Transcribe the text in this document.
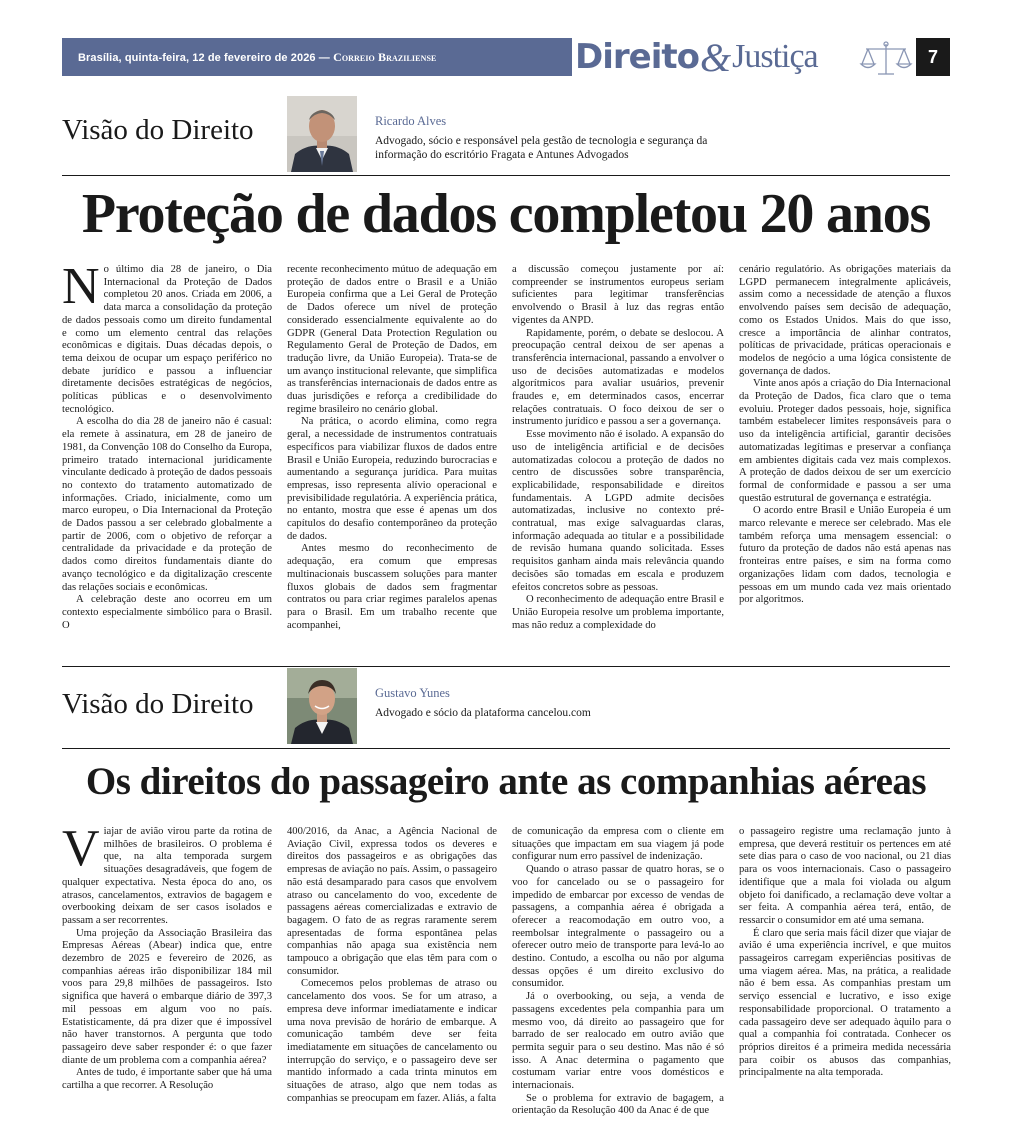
Brasília, quinta-feira, 12 de fevereiro de 2026 — Correio Braziliense	Direito & Justiça	7
Visão do Direito	Ricardo Alves
Advogado, sócio e responsável pela gestão de tecnologia e segurança da informação do escritório Fragata e Antunes Advogados
Proteção de dados completou 20 anos

No último dia 28 de janeiro, o Dia Internacional da Proteção de Dados completou 20 anos. Criada em 2006, a data marca a consolidação da proteção de dados pessoais como um direito fundamental e como um elemento central das relações econômicas e digitais. Duas décadas depois, o tema deixou de ocupar um espaço periférico no debate jurídico e passou a influenciar diretamente decisões estratégicas de negócios, políticas públicas e o desenvolvimento tecnológico.

A escolha do dia 28 de janeiro não é casual: ela remete à assinatura, em 28 de janeiro de 1981, da Convenção 108 do Conselho da Europa, primeiro tratado internacional juridicamente vinculante dedicado à proteção de dados pessoais no contexto do tratamento automatizado de informações. Criado, inicialmente, como um marco europeu, o Dia Internacional da Proteção de Dados passou a ser celebrado globalmente a partir de 2006, com o objetivo de reforçar a centralidade da privacidade e da proteção de dados como direitos fundamentais diante do avanço tecnológico e da digitalização crescente das relações sociais e econômicas.

A celebração deste ano ocorreu em um contexto especialmente simbólico para o Brasil. O

recente reconhecimento mútuo de adequação em proteção de dados entre o Brasil e a União Europeia confirma que a Lei Geral de Proteção de Dados oferece um nível de proteção considerado essencialmente equivalente ao do GDPR (General Data Protection Regulation ou Regulamento Geral de Proteção de Dados, em tradução livre, da União Europeia). Trata-se de um avanço institucional relevante, que simplifica as transferências internacionais de dados entre as duas jurisdições e reforça a credibilidade do regime brasileiro no cenário global.

Na prática, o acordo elimina, como regra geral, a necessidade de instrumentos contratuais específicos para viabilizar fluxos de dados entre Brasil e União Europeia, reduzindo burocracias e aumentando a segurança jurídica. Para muitas empresas, isso representa alívio operacional e previsibilidade regulatória. A experiência prática, no entanto, mostra que esse é apenas um dos capítulos do desafio contemporâneo da proteção de dados.

Antes mesmo do reconhecimento de adequação, era comum que empresas multinacionais buscassem soluções para manter fluxos globais de dados sem fragmentar contratos ou para criar regimes paralelos apenas para o Brasil. Em um trabalho recente que acompanhei,

a discussão começou justamente por aí: compreender se instrumentos europeus seriam suficientes para legitimar transferências envolvendo o Brasil à luz das regras então vigentes da ANPD.

Rapidamente, porém, o debate se deslocou. A preocupação central deixou de ser apenas a transferência internacional, passando a envolver o uso de decisões automatizadas e modelos algorítmicos para avaliar usuários, prevenir fraudes e, em determinados casos, encerrar relações contratuais. O foco deixou de ser o instrumento jurídico e passou a ser a governança.

Esse movimento não é isolado. A expansão do uso de inteligência artificial e de decisões automatizadas colocou a proteção de dados no centro de discussões sobre transparência, explicabilidade, responsabilidade e direitos fundamentais. A LGPD admite decisões automatizadas, inclusive no contexto pré-contratual, mas exige salvaguardas claras, informação adequada ao titular e a possibilidade de revisão humana quando solicitada. Esses requisitos ganham ainda mais relevância quando decisões são tomadas em escala e produzem efeitos concretos sobre as pessoas.

O reconhecimento de adequação entre Brasil e União Europeia resolve um problema importante, mas não reduz a complexidade do

cenário regulatório. As obrigações materiais da LGPD permanecem integralmente aplicáveis, assim como a necessidade de atenção a fluxos envolvendo países sem decisão de adequação, como os Estados Unidos. Mais do que isso, cresce a importância de alinhar contratos, políticas de privacidade, práticas operacionais e modelos de negócio a uma lógica consistente de governança de dados.

Vinte anos após a criação do Dia Internacional da Proteção de Dados, fica claro que o tema evoluiu. Proteger dados pessoais, hoje, significa também estabelecer limites responsáveis para o uso da inteligência artificial, garantir decisões automatizadas legítimas e preservar a confiança em ambientes digitais cada vez mais complexos. A proteção de dados deixou de ser um exercício formal de conformidade e passou a ser uma questão estrutural de governança e estratégia.

O acordo entre Brasil e União Europeia é um marco relevante e merece ser celebrado. Mas ele também reforça uma mensagem essencial: o futuro da proteção de dados não está apenas nas fronteiras entre países, e sim na forma como organizações lidam com dados, tecnologia e pessoas em um mundo cada vez mais orientado por algoritmos.

Visão do Direito	Gustavo Yunes
Advogado e sócio da plataforma cancelou.com
Os direitos do passageiro ante as companhias aéreas

Viajar de avião virou parte da rotina de milhões de brasileiros. O problema é que, na alta temporada surgem situações desagradáveis, que fogem de qualquer expectativa. Nesta época do ano, os atrasos, cancelamentos, extravios de bagagem e overbooking deixam de ser casos isolados e passam a ser recorrentes.

Uma projeção da Associação Brasileira das Empresas Aéreas (Abear) indica que, entre dezembro de 2025 e fevereiro de 2026, as companhias aéreas irão disponibilizar 184 mil voos para 29,8 milhões de passageiros. Isto significa que haverá o embarque diário de 397,3 mil pessoas em algum voo no país. Estatisticamente, dá pra dizer que é impossível não haver transtornos. A pergunta que todo passageiro deve saber responder é: o que fazer diante de um problema com a companhia aérea?

Antes de tudo, é importante saber que há uma cartilha a que recorrer. A Resolução

400/2016, da Anac, a Agência Nacional de Aviação Civil, expressa todos os deveres e direitos dos passageiros e as obrigações das empresas de aviação no país. Assim, o passageiro não está desamparado para casos que envolvem atraso ou cancelamento do voo, excedente de passagens aéreas comercializadas e extravio de bagagem. O fato de as regras raramente serem apresentadas de forma espontânea pelas companhias não apaga sua existência nem tampouco a obrigação que elas têm para com o consumidor.

Comecemos pelos problemas de atraso ou cancelamento dos voos. Se for um atraso, a empresa deve informar imediatamente e indicar uma nova previsão de horário de embarque. A comunicação também deve ser feita imediatamente em situações de cancelamento ou interrupção do serviço, e o passageiro deve ser mantido informado a cada trinta minutos em situações de atraso, algo que nem todas as companhias se preocupam em fazer. Aliás, a falta

de comunicação da empresa com o cliente em situações que impactam em sua viagem já pode configurar num erro passível de indenização.

Quando o atraso passar de quatro horas, se o voo for cancelado ou se o passageiro for impedido de embarcar por excesso de vendas de passagens, a companhia aérea é obrigada a oferecer a reacomodação em outro voo, a reembolsar integralmente o passageiro ou a oferecer outro meio de transporte para levá-lo ao destino. Contudo, a escolha ou não por alguma dessas opções é um direito exclusivo do consumidor.

Já o overbooking, ou seja, a venda de passagens excedentes pela companhia para um mesmo voo, dá direito ao passageiro que for barrado de ser realocado em outro avião que permita seguir para o seu destino. Mas não é só isso. A Anac determina o pagamento que costumam variar entre voos domésticos e internacionais.

Se o problema for extravio de bagagem, a orientação da Resolução 400 da Anac é de que

o passageiro registre uma reclamação junto à empresa, que deverá restituir os pertences em até sete dias para o caso de voo nacional, ou 21 dias para os voos internacionais. Caso o passageiro identifique que a mala foi violada ou algum objeto foi danificado, a reclamação deve voltar a ser feita. A companhia aérea terá, então, de ressarcir o consumidor em até uma semana.

É claro que seria mais fácil dizer que viajar de avião é uma experiência incrível, e que muitos passageiros carregam experiências positivas de uma viagem aérea. Mas, na prática, a realidade não é bem essa. As companhias prestam um serviço essencial e lucrativo, e isso exige responsabilidade proporcional. O tratamento a cada passageiro deve ser adequado àquilo para o qual a companhia foi contratada. Conhecer os próprios direitos é a primeira medida necessária para coibir os abusos das companhias, principalmente na alta temporada.
